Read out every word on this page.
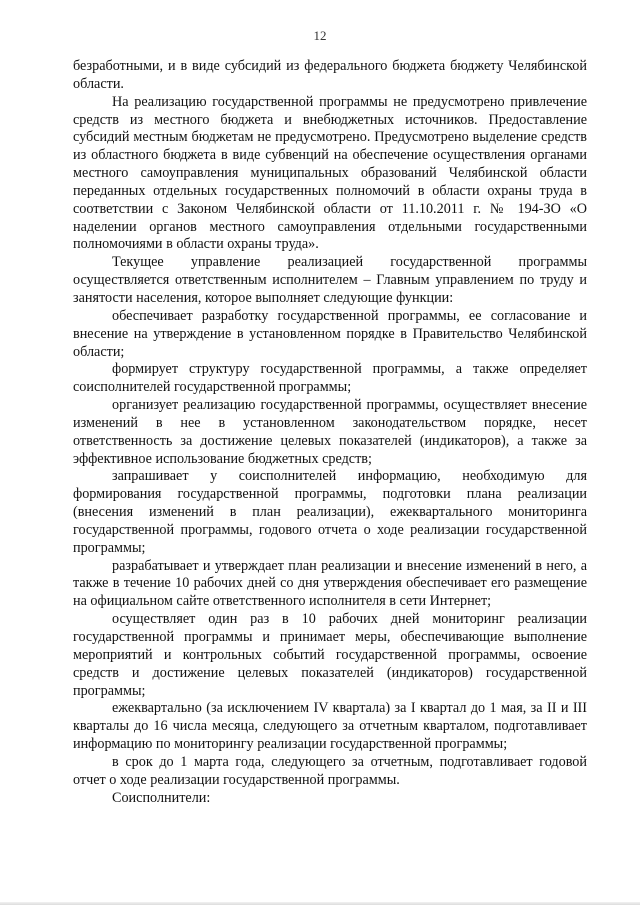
12

безработными, и в виде субсидий из федерального бюджета бюджету Челябинской области.

На реализацию государственной программы не предусмотрено привлечение средств из местного бюджета и внебюджетных источников. Предоставление субсидий местным бюджетам не предусмотрено. Предусмотрено выделение средств из областного бюджета в виде субвенций на обеспечение осуществления органами местного самоуправления муниципальных образований Челябинской области переданных отдельных государственных полномочий в области охраны труда в соответствии с Законом Челябинской области от 11.10.2011 г. № 194-ЗО «О наделении органов местного самоуправления отдельными государственными полномочиями в области охраны труда».

Текущее управление реализацией государственной программы осуществляется ответственным исполнителем – Главным управлением по труду и занятости населения, которое выполняет следующие функции:

обеспечивает разработку государственной программы, ее согласование и внесение на утверждение в установленном порядке в Правительство Челябинской области;

формирует структуру государственной программы, а также определяет соисполнителей государственной программы;

организует реализацию государственной программы, осуществляет внесение изменений в нее в установленном законодательством порядке, несет ответственность за достижение целевых показателей (индикаторов), а также за эффективное использование бюджетных средств;

запрашивает у соисполнителей информацию, необходимую для формирования государственной программы, подготовки плана реализации (внесения изменений в план реализации), ежеквартального мониторинга государственной программы, годового отчета о ходе реализации государственной программы;

разрабатывает и утверждает план реализации и внесение изменений в него, а также в течение 10 рабочих дней со дня утверждения обеспечивает его размещение на официальном сайте ответственного исполнителя в сети Интернет;

осуществляет один раз в 10 рабочих дней мониторинг реализации государственной программы и принимает меры, обеспечивающие выполнение мероприятий и контрольных событий государственной программы, освоение средств и достижение целевых показателей (индикаторов) государственной программы;

ежеквартально (за исключением IV квартала) за I квартал до 1 мая, за II и III кварталы до 16 числа месяца, следующего за отчетным кварталом, подготавливает информацию по мониторингу реализации государственной программы;

в срок до 1 марта года, следующего за отчетным, подготавливает годовой отчет о ходе реализации государственной программы.

Соисполнители:
